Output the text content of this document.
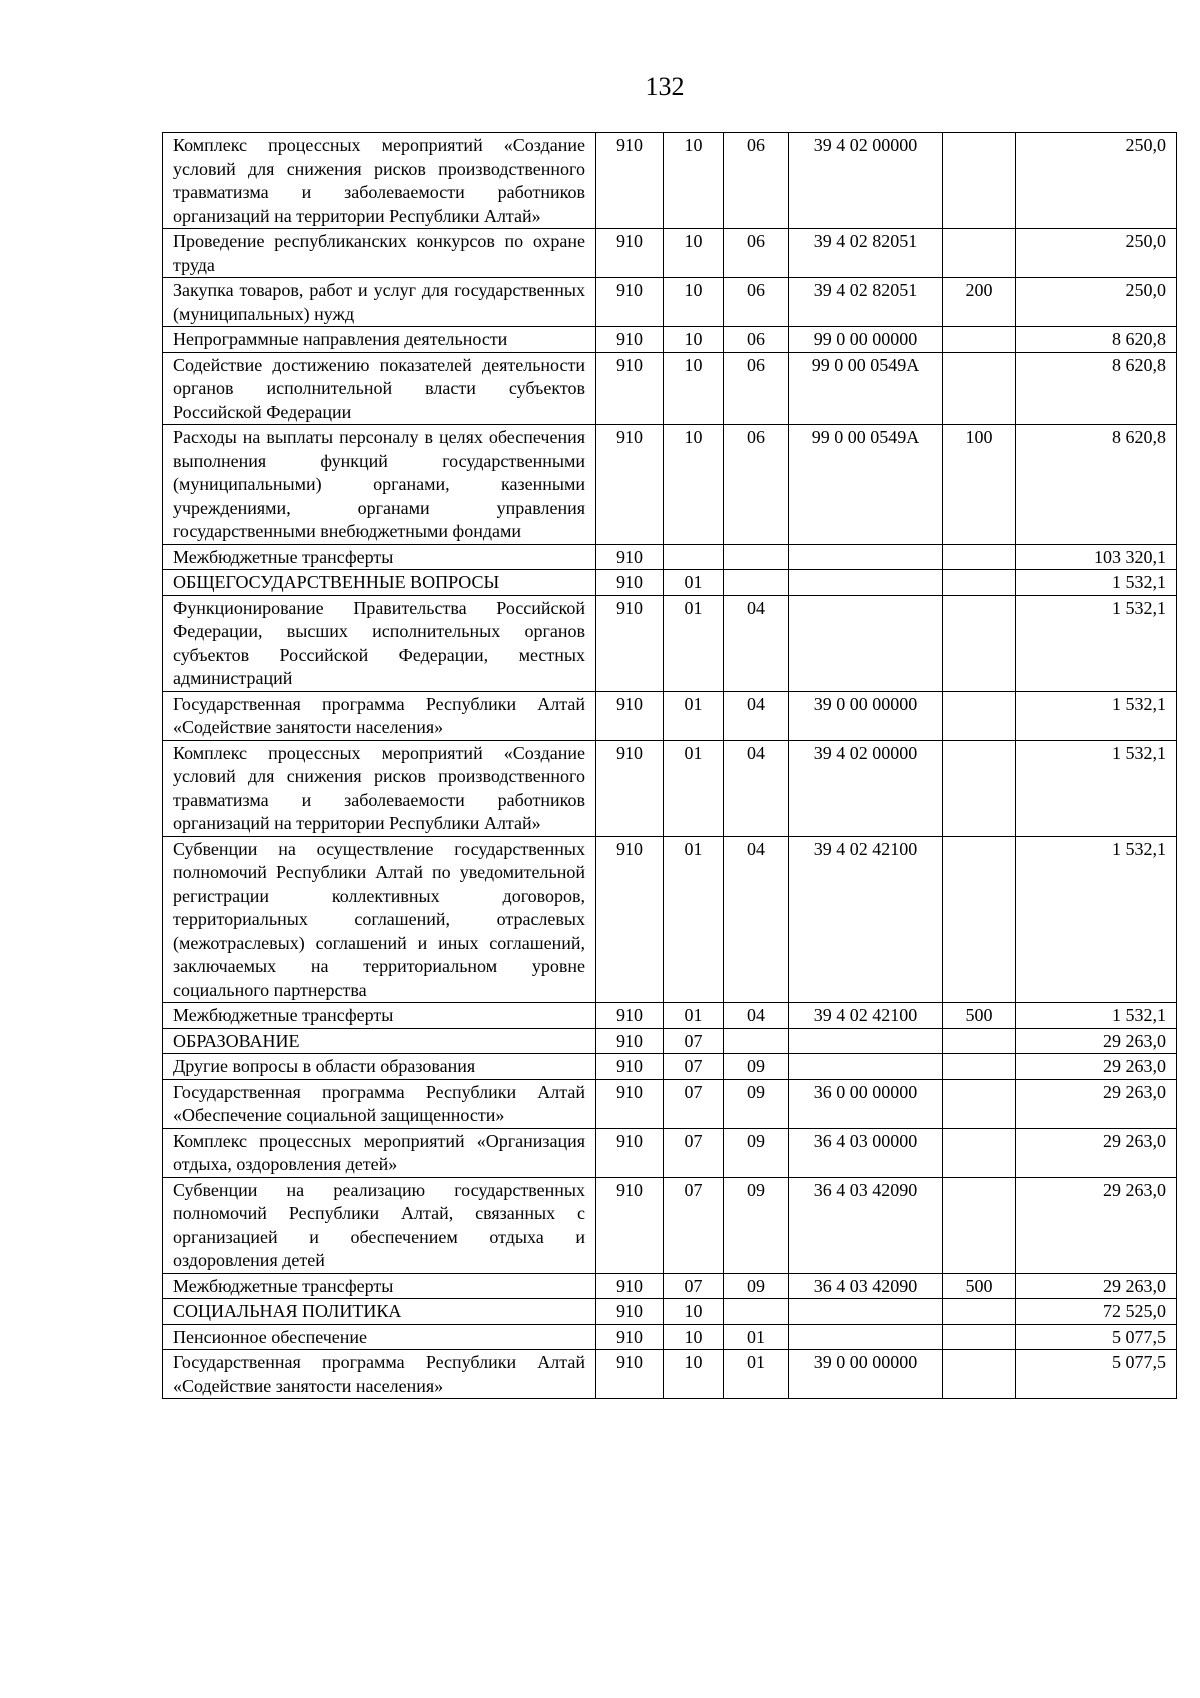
132
Комплекс процессных мероприятий «Создание условий для снижения рисков производственного травматизма и заболеваемости работников организаций на территории Республики Алтай»	910	10	06	39 4 02 00000		250,0
Проведение республиканских конкурсов по охране труда	910	10	06	39 4 02 82051		250,0
Закупка товаров, работ и услуг для государственных (муниципальных) нужд	910	10	06	39 4 02 82051	200	250,0
Непрограммные направления деятельности	910	10	06	99 0 00 00000		8 620,8
Содействие достижению показателей деятельности органов исполнительной власти субъектов Российской Федерации	910	10	06	99 0 00 0549A		8 620,8
Расходы на выплаты персоналу в целях обеспечения выполнения функций государственными (муниципальными) органами, казенными учреждениями, органами управления государственными внебюджетными фондами	910	10	06	99 0 00 0549A	100	8 620,8
Межбюджетные трансферты	910					103 320,1
ОБЩЕГОСУДАРСТВЕННЫЕ ВОПРОСЫ	910	01				1 532,1
Функционирование Правительства Российской Федерации, высших исполнительных органов субъектов Российской Федерации, местных администраций	910	01	04			1 532,1
Государственная программа Республики Алтай «Содействие занятости населения»	910	01	04	39 0 00 00000		1 532,1
Комплекс процессных мероприятий «Создание условий для снижения рисков производственного травматизма и заболеваемости работников организаций на территории Республики Алтай»	910	01	04	39 4 02 00000		1 532,1
Субвенции на осуществление государственных полномочий Республики Алтай по уведомительной регистрации коллективных договоров, территориальных соглашений, отраслевых (межотраслевых) соглашений и иных соглашений, заключаемых на территориальном уровне социального партнерства	910	01	04	39 4 02 42100		1 532,1
Межбюджетные трансферты	910	01	04	39 4 02 42100	500	1 532,1
ОБРАЗОВАНИЕ	910	07				29 263,0
Другие вопросы в области образования	910	07	09			29 263,0
Государственная программа Республики Алтай «Обеспечение социальной защищенности»	910	07	09	36 0 00 00000		29 263,0
Комплекс процессных мероприятий «Организация отдыха, оздоровления детей»	910	07	09	36 4 03 00000		29 263,0
Субвенции на реализацию государственных полномочий Республики Алтай, связанных с организацией и обеспечением отдыха и оздоровления детей	910	07	09	36 4 03 42090		29 263,0
Межбюджетные трансферты	910	07	09	36 4 03 42090	500	29 263,0
СОЦИАЛЬНАЯ ПОЛИТИКА	910	10				72 525,0
Пенсионное обеспечение	910	10	01			5 077,5
Государственная программа Республики Алтай «Содействие занятости населения»	910	10	01	39 0 00 00000		5 077,5
